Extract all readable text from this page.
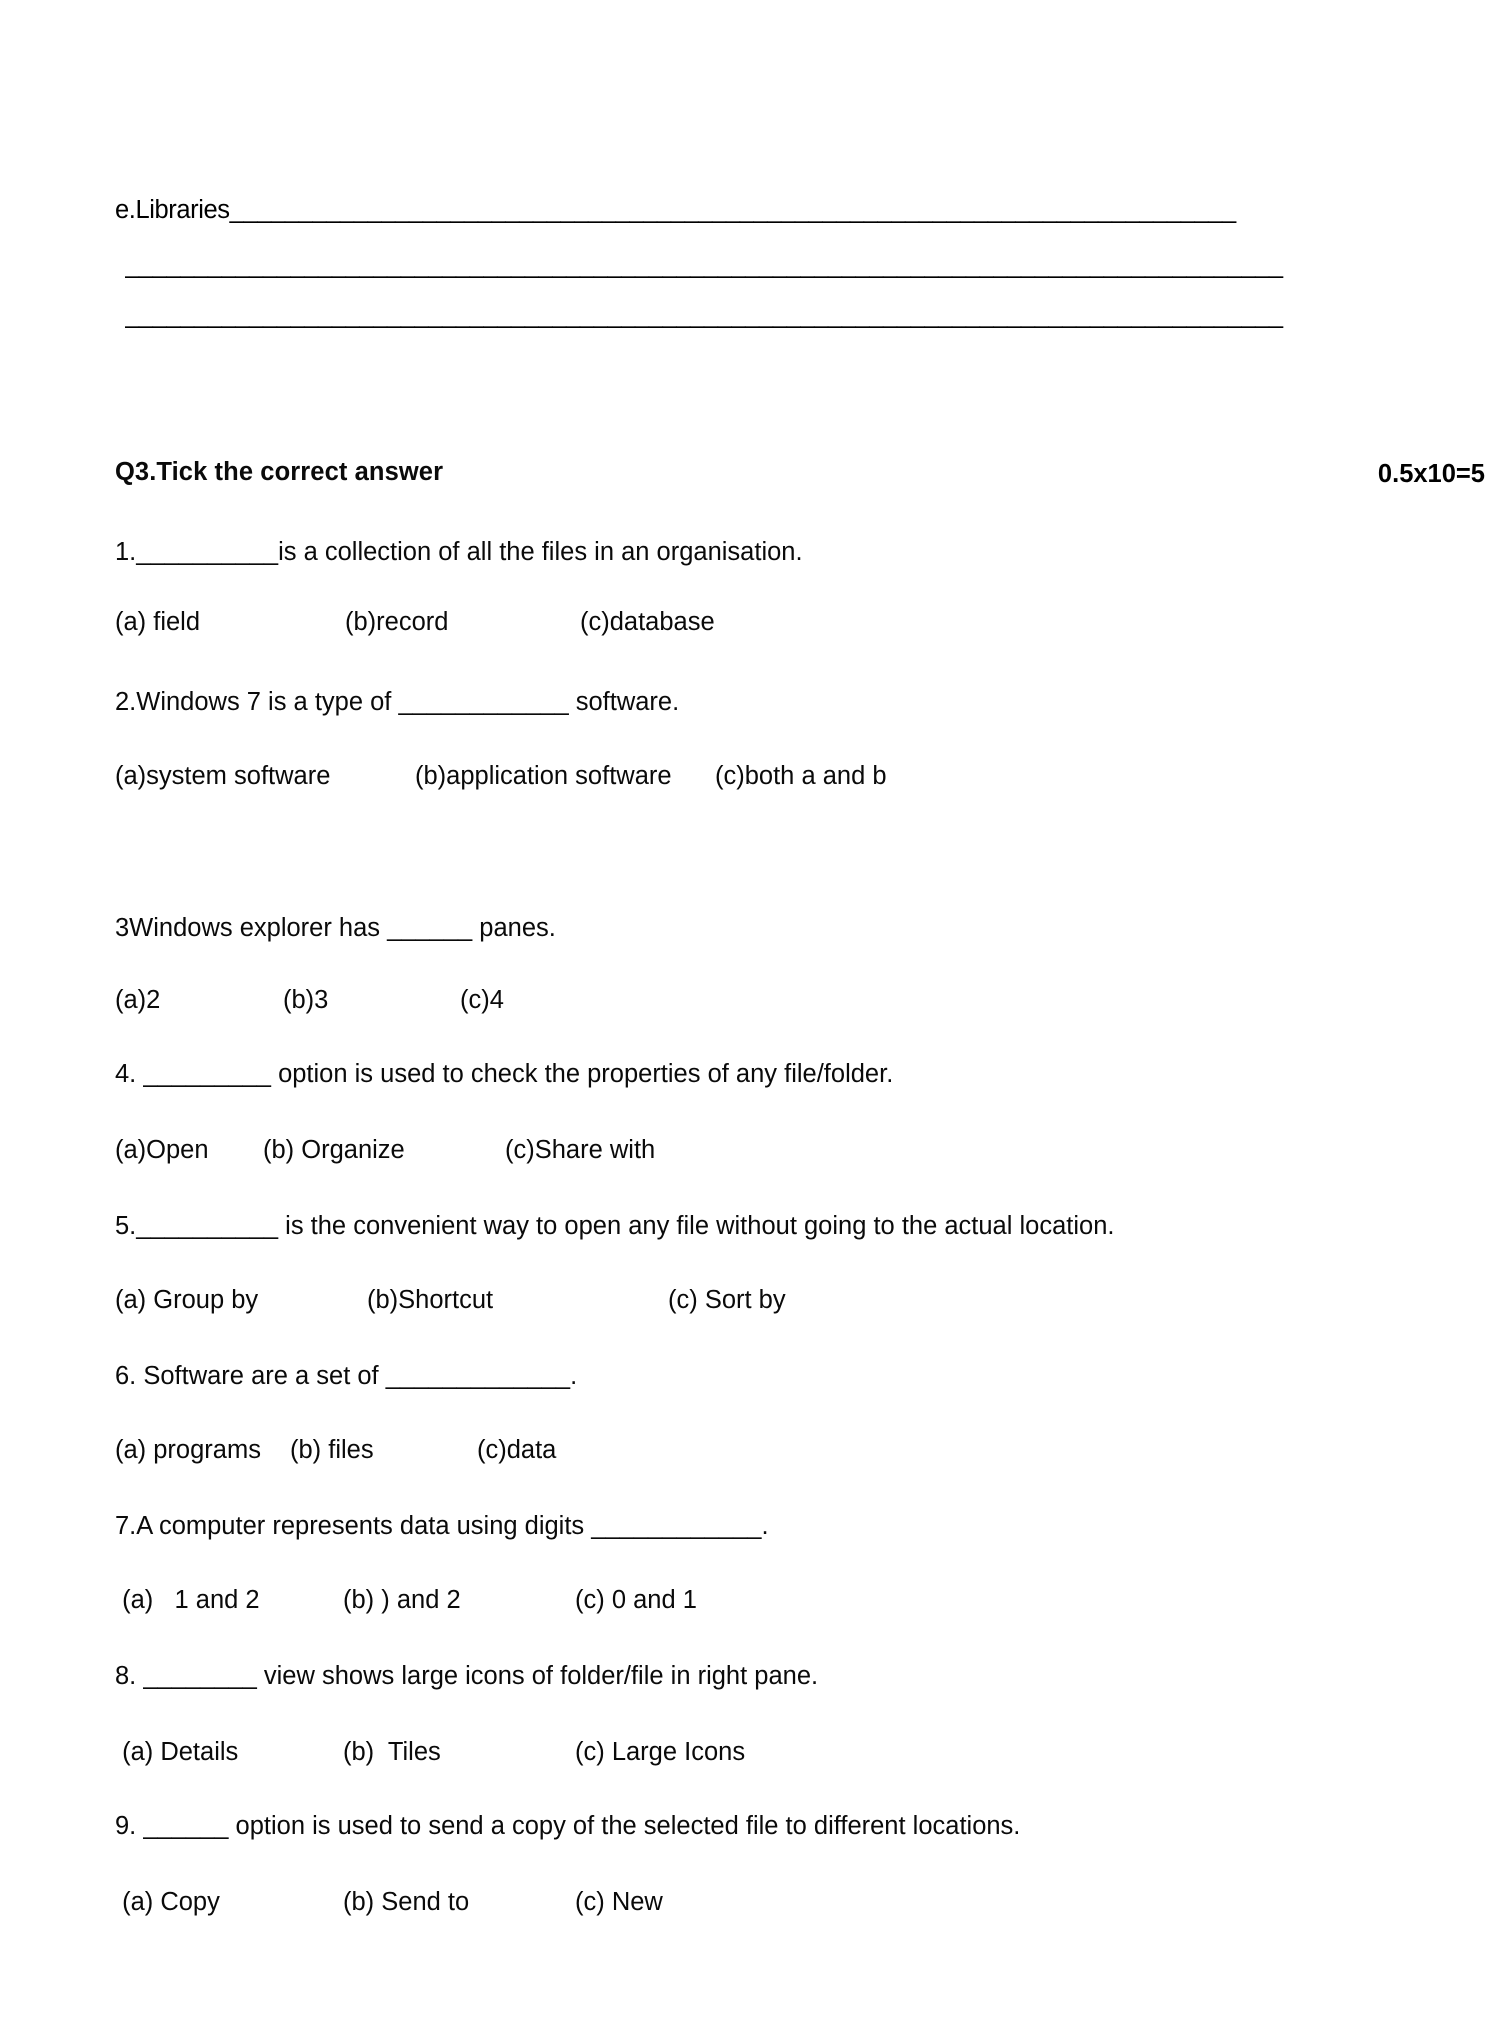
e.Libraries_________________________________________________________________________
____________________________________________________________________________________
____________________________________________________________________________________
Q3.Tick the correct answer	0.5x10=5
1.__________is a collection of all the files in an organisation.
(a) field	(b)record	(c)database
2.Windows 7 is a type of ____________ software.
(a)system software	(b)application software (c)both a and b
3Windows explorer has ______ panes.
(a)2	(b)3	(c)4
4. _________ option is used to check the properties of any file/folder.
(a)Open (b) Organize	(c)Share with
5.__________ is the convenient way to open any file without going to the actual location.
(a) Group by	(b)Shortcut	(c) Sort by
6. Software are a set of _____________.
(a) programs (b) files	(c)data
7.A computer represents data using digits ____________.
(a)   1 and 2	(b) ) and 2	(c) 0 and 1
8. ________ view shows large icons of folder/file in right pane.
(a) Details	(b)  Tiles	(c) Large Icons
9. ______ option is used to send a copy of the selected file to different locations.
(a) Copy	(b) Send to	(c) New
